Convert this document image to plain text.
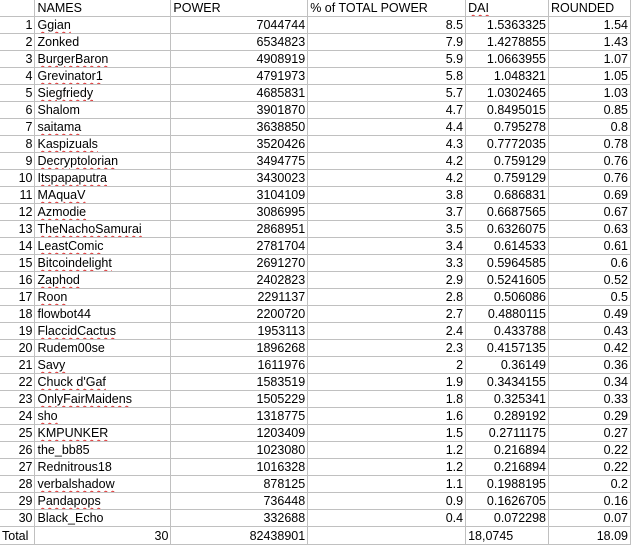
	NAMES	POWER	% of TOTAL POWER	DAI	ROUNDED
1	Ggian	7044744	8.5	1.5363325	1.54
2	Zonked	6534823	7.9	1.4278855	1.43
3	BurgerBaron	4908919	5.9	1.0663955	1.07
4	Grevinator1	4791973	5.8	1.048321	1.05
5	Siegfriedy	4685831	5.7	1.0302465	1.03
6	Shalom	3901870	4.7	0.8495015	0.85
7	saitama	3638850	4.4	0.795278	0.8
8	Kaspizuals	3520426	4.3	0.7772035	0.78
9	Decryptolorian	3494775	4.2	0.759129	0.76
10	Itspapaputra	3430023	4.2	0.759129	0.76
11	MAquaV	3104109	3.8	0.686831	0.69
12	Azmodie	3086995	3.7	0.6687565	0.67
13	TheNachoSamurai	2868951	3.5	0.6326075	0.63
14	LeastComic	2781704	3.4	0.614533	0.61
15	Bitcoindelight	2691270	3.3	0.5964585	0.6
16	Zaphod	2402823	2.9	0.5241605	0.52
17	Roon	2291137	2.8	0.506086	0.5
18	flowbot44	2200720	2.7	0.4880115	0.49
19	FlaccidCactus	1953113	2.4	0.433788	0.43
20	Rudem00se	1896268	2.3	0.4157135	0.42
21	Savy	1611976	2	0.36149	0.36
22	Chuck d'Gaf	1583519	1.9	0.3434155	0.34
23	OnlyFairMaidens	1505229	1.8	0.325341	0.33
24	sho	1318775	1.6	0.289192	0.29
25	KMPUNKER	1203409	1.5	0.2711175	0.27
26	the_bb85	1023080	1.2	0.216894	0.22
27	Rednitrous18	1016328	1.2	0.216894	0.22
28	verbalshadow	878125	1.1	0.1988195	0.2
29	Pandapops	736448	0.9	0.1626705	0.16
30	Black_Echo	332688	0.4	0.072298	0.07
Total	30	82438901		18,0745	18.09
